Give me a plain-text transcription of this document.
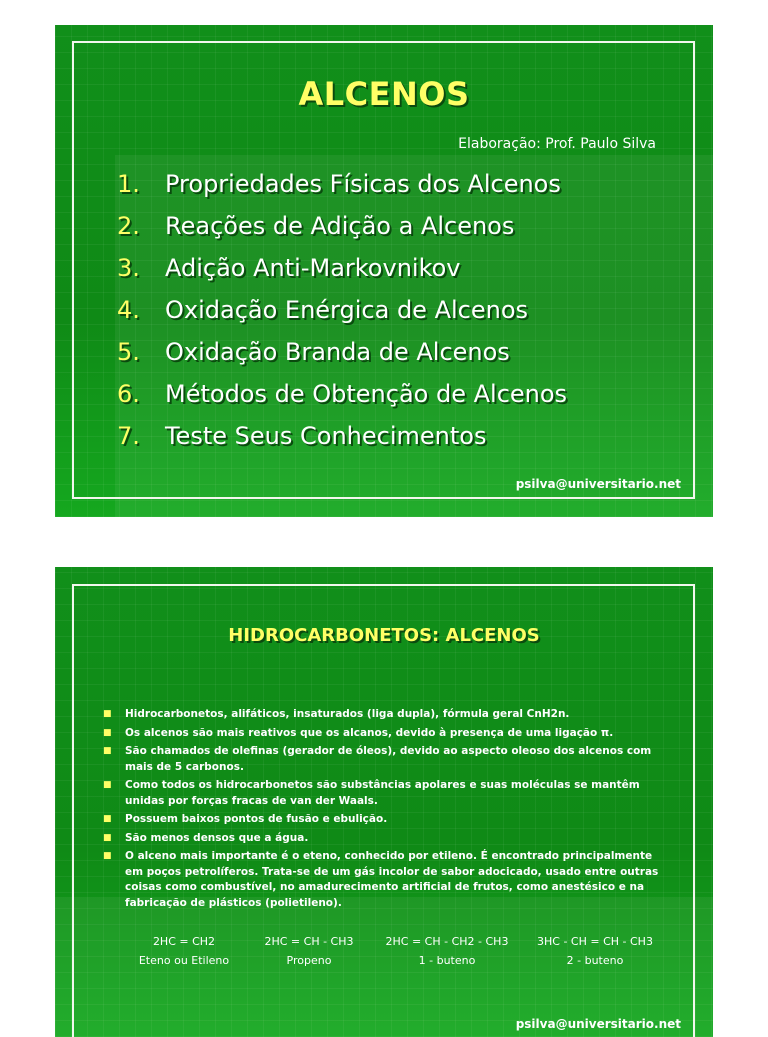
ALCENOS
Elaboração: Prof. Paulo Silva
1. Propriedades Físicas dos Alcenos
2. Reações de Adição a Alcenos
3. Adição Anti-Markovnikov
4. Oxidação Enérgica de Alcenos
5. Oxidação Branda de Alcenos
6. Métodos de Obtenção de Alcenos
7. Teste Seus Conhecimentos
psilva@universitario.net
HIDROCARBONETOS: ALCENOS
■ Hidrocarbonetos, alifáticos, insaturados (liga dupla), fórmula geral CnH2n.
■ Os alcenos são mais reativos que os alcanos, devido à presença de uma ligação π.
■ São chamados de olefinas (gerador de óleos), devido ao aspecto oleoso dos alcenos com mais de 5 carbonos.
■ Como todos os hidrocarbonetos são substâncias apolares e suas moléculas se mantêm unidas por forças fracas de van der Waals.
■ Possuem baixos pontos de fusão e ebulição.
■ São menos densos que a água.
■ O alceno mais importante é o eteno, conhecido por etileno. É encontrado principalmente em poços petrolíferos. Trata-se de um gás incolor de sabor adocicado, usado entre outras coisas como combustível, no amadurecimento artificial de frutos, como anestésico e na fabricação de plásticos (polietileno).
2HC = CH2
Eteno ou Etileno
2HC = CH - CH3
Propeno
2HC = CH - CH2 - CH3
1 - buteno
3HC - CH = CH - CH3
2 - buteno
psilva@universitario.net
